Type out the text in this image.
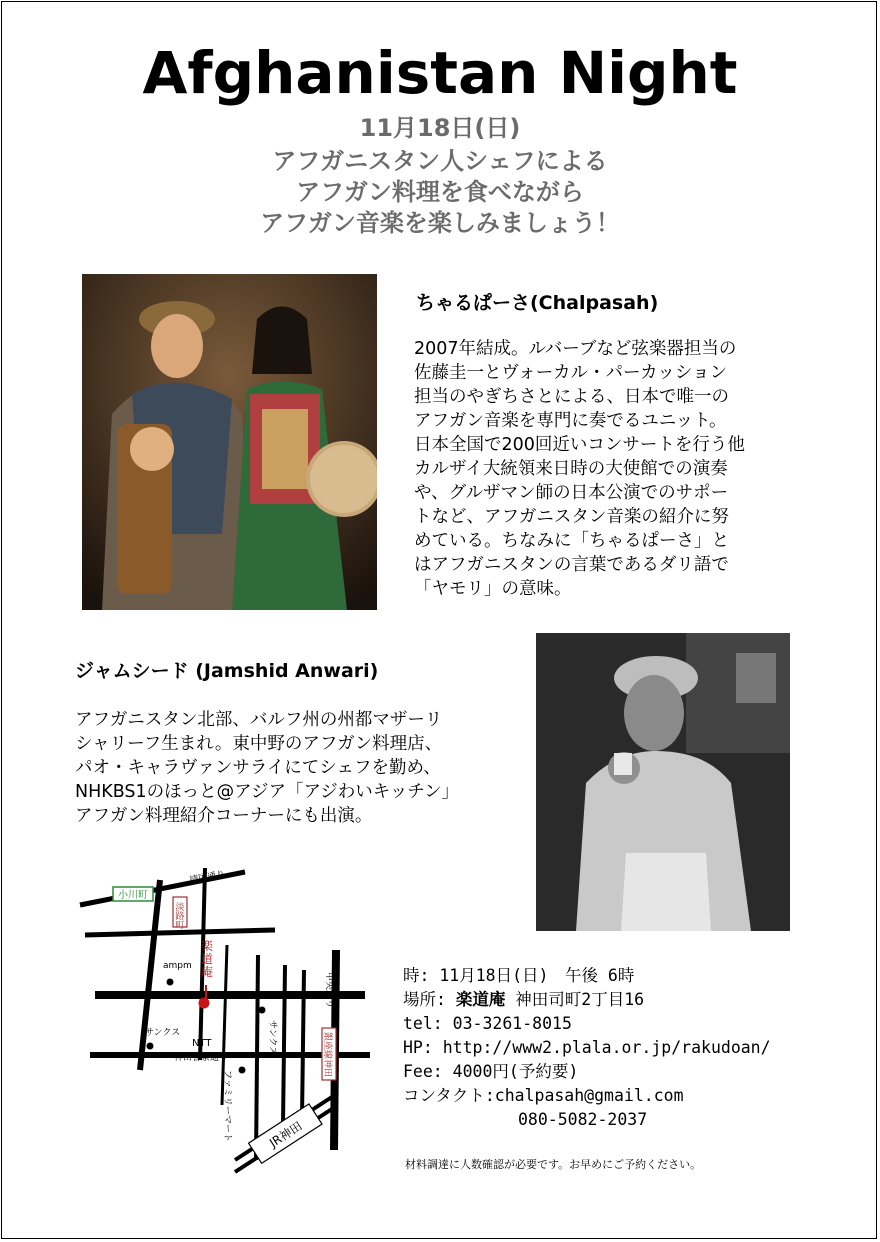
Afghanistan Night
11月18日(日)
アフガニスタン人シェフによる
アフガン料理を食べながら
アフガン音楽を楽しみましょう！
ちゃるぱーさ(Chalpasah)
2007年結成。ルバーブなど弦楽器担当の
佐藤圭一とヴォーカル・パーカッション
担当のやぎちさとによる、日本で唯一の
アフガン音楽を専門に奏でるユニット。
日本全国で200回近いコンサートを行う他
カルザイ大統領来日時の大使館での演奏
や、グルザマン師の日本公演でのサポー
トなど、アフガニスタン音楽の紹介に努
めている。ちなみに「ちゃるぱーさ」と
はアフガニスタンの言葉であるダリ語で
「ヤモリ」の意味。
ジャムシード (Jamshid Anwari)
アフガニスタン北部、バルフ州の州都マザーリ
シャリーフ生まれ。東中野のアフガン料理店、
パオ・キャラヴァンサライにてシェフを勤め、
NHKBS1のほっと@アジア「アジわいキッチン」
アフガン料理紹介コーナーにも出演。
小川町
靖国通り
淡路町
ampm
楽道庵
サンクス
サンクス
NTT
神田警察通り
ファミリーマート
中央通り
銀座線神田
JR神田
時: 11月18日(日)　午後 6時
場所: 楽道庵 神田司町2丁目16
tel: 03-3261-8015
HP: http://www2.plala.or.jp/rakudoan/
Fee: 4000円(予約要)
コンタクト:chalpasah@gmail.com
080-5082-2037
材料調達に人数確認が必要です。お早めにご予約ください。
